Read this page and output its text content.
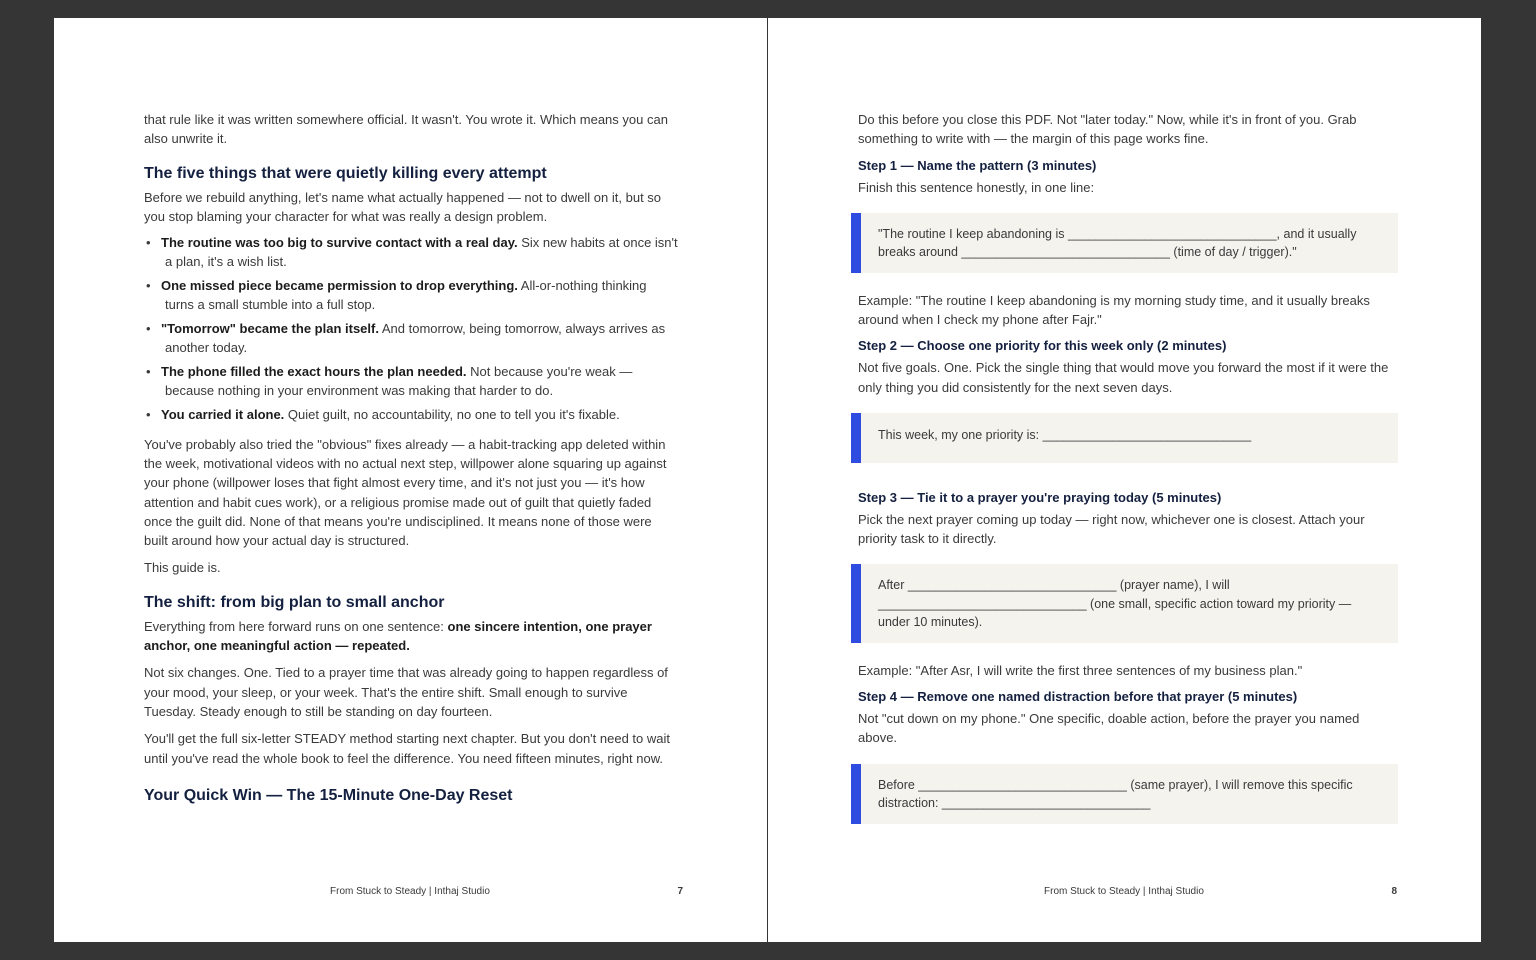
that rule like it was written somewhere official. It wasn't. You wrote it. Which means you can also unwrite it.

The five things that were quietly killing every attempt

Before we rebuild anything, let's name what actually happened — not to dwell on it, but so you stop blaming your character for what was really a design problem.

• The routine was too big to survive contact with a real day. Six new habits at once isn't a plan, it's a wish list.
• One missed piece became permission to drop everything. All-or-nothing thinking turns a small stumble into a full stop.
• "Tomorrow" became the plan itself. And tomorrow, being tomorrow, always arrives as another today.
• The phone filled the exact hours the plan needed. Not because you're weak — because nothing in your environment was making that harder to do.
• You carried it alone. Quiet guilt, no accountability, no one to tell you it's fixable.

You've probably also tried the "obvious" fixes already — a habit-tracking app deleted within the week, motivational videos with no actual next step, willpower alone squaring up against your phone (willpower loses that fight almost every time, and it's not just you — it's how attention and habit cues work), or a religious promise made out of guilt that quietly faded once the guilt did. None of that means you're undisciplined. It means none of those were built around how your actual day is structured.

This guide is.

The shift: from big plan to small anchor

Everything from here forward runs on one sentence: one sincere intention, one prayer anchor, one meaningful action — repeated.

Not six changes. One. Tied to a prayer time that was already going to happen regardless of your mood, your sleep, or your week. That's the entire shift. Small enough to survive Tuesday. Steady enough to still be standing on day fourteen.

You'll get the full six-letter STEADY method starting next chapter. But you don't need to wait until you've read the whole book to feel the difference. You need fifteen minutes, right now.

Your Quick Win — The 15-Minute One-Day Reset
From Stuck to Steady | Inthaj Studio	7

Do this before you close this PDF. Not "later today." Now, while it's in front of you. Grab something to write with — the margin of this page works fine.

Step 1 — Name the pattern (3 minutes)

Finish this sentence honestly, in one line:

"The routine I keep abandoning is ______________________________, and it usually breaks around ______________________________ (time of day / trigger)."

Example: "The routine I keep abandoning is my morning study time, and it usually breaks around when I check my phone after Fajr."

Step 2 — Choose one priority for this week only (2 minutes)

Not five goals. One. Pick the single thing that would move you forward the most if it were the only thing you did consistently for the next seven days.

This week, my one priority is: ______________________________
Step 3 — Tie it to a prayer you're praying today (5 minutes)

Pick the next prayer coming up today — right now, whichever one is closest. Attach your priority task to it directly.

After ______________________________ (prayer name), I will ______________________________ (one small, specific action toward my priority — under 10 minutes).

Example: "After Asr, I will write the first three sentences of my business plan."

Step 4 — Remove one named distraction before that prayer (5 minutes)

Not "cut down on my phone." One specific, doable action, before the prayer you named above.

Before ______________________________ (same prayer), I will remove this specific distraction: ______________________________
From Stuck to Steady | Inthaj Studio	8
